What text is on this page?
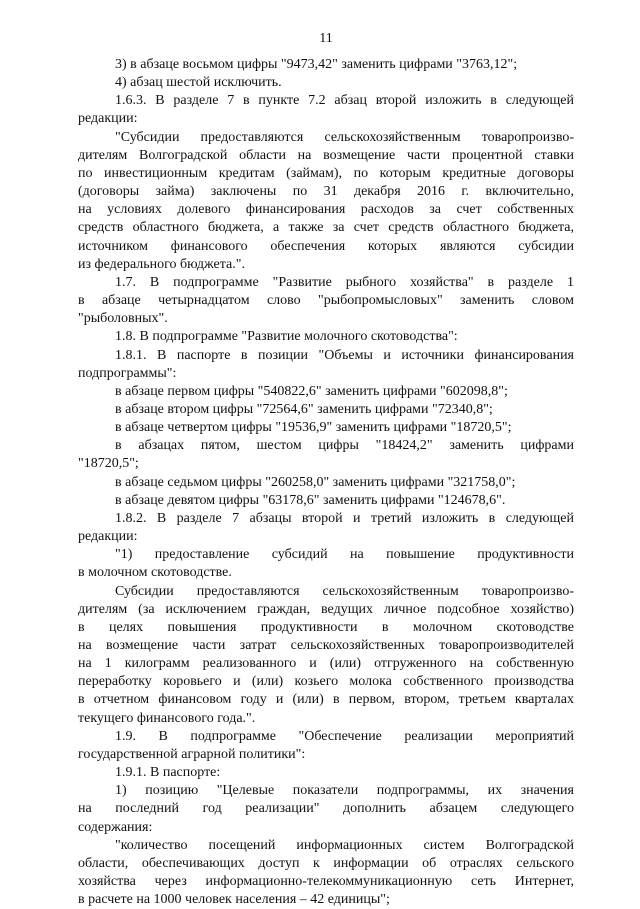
11
3) в абзаце восьмом цифры "9473,42" заменить цифрами "3763,12";
4) абзац шестой исключить.
1.6.3. В разделе 7 в пункте 7.2 абзац второй изложить в следующей
редакции:
"Субсидии предоставляются сельскохозяйственным товаропроизво-
дителям Волгоградской области на возмещение части процентной ставки
по инвестиционным кредитам (займам), по которым кредитные договоры
(договоры займа) заключены по 31 декабря 2016 г. включительно,
на условиях долевого финансирования расходов за счет собственных
средств областного бюджета, а также за счет средств областного бюджета,
источником финансового обеспечения которых являются субсидии
из федерального бюджета.".
1.7. В подпрограмме "Развитие рыбного хозяйства" в разделе 1
в абзаце четырнадцатом слово "рыбопромысловых" заменить словом
"рыболовных".
1.8. В подпрограмме "Развитие молочного скотоводства":
1.8.1. В паспорте в позиции "Объемы и источники финансирования
подпрограммы":
в абзаце первом цифры "540822,6" заменить цифрами "602098,8";
в абзаце втором цифры "72564,6" заменить цифрами "72340,8";
в абзаце четвертом цифры "19536,9" заменить цифрами "18720,5";
в абзацах пятом, шестом цифры "18424,2" заменить цифрами
"18720,5";
в абзаце седьмом цифры "260258,0" заменить цифрами "321758,0";
в абзаце девятом цифры "63178,6" заменить цифрами "124678,6".
1.8.2. В разделе 7 абзацы второй и третий изложить в следующей
редакции:
"1) предоставление субсидий на повышение продуктивности
в молочном скотоводстве.
Субсидии предоставляются сельскохозяйственным товаропроизво-
дителям (за исключением граждан, ведущих личное подсобное хозяйство)
в целях повышения продуктивности в молочном скотоводстве
на возмещение части затрат сельскохозяйственных товаропроизводителей
на 1 килограмм реализованного и (или) отгруженного на собственную
переработку коровьего и (или) козьего молока собственного производства
в отчетном финансовом году и (или) в первом, втором, третьем кварталах
текущего финансового года.".
1.9. В подпрограмме "Обеспечение реализации мероприятий
государственной аграрной политики":
1.9.1. В паспорте:
1) позицию "Целевые показатели подпрограммы, их значения
на последний год реализации" дополнить абзацем следующего
содержания:
"количество посещений информационных систем Волгоградской
области, обеспечивающих доступ к информации об отраслях сельского
хозяйства через информационно-телекоммуникационную сеть Интернет,
в расчете на 1000 человек населения – 42 единицы";
